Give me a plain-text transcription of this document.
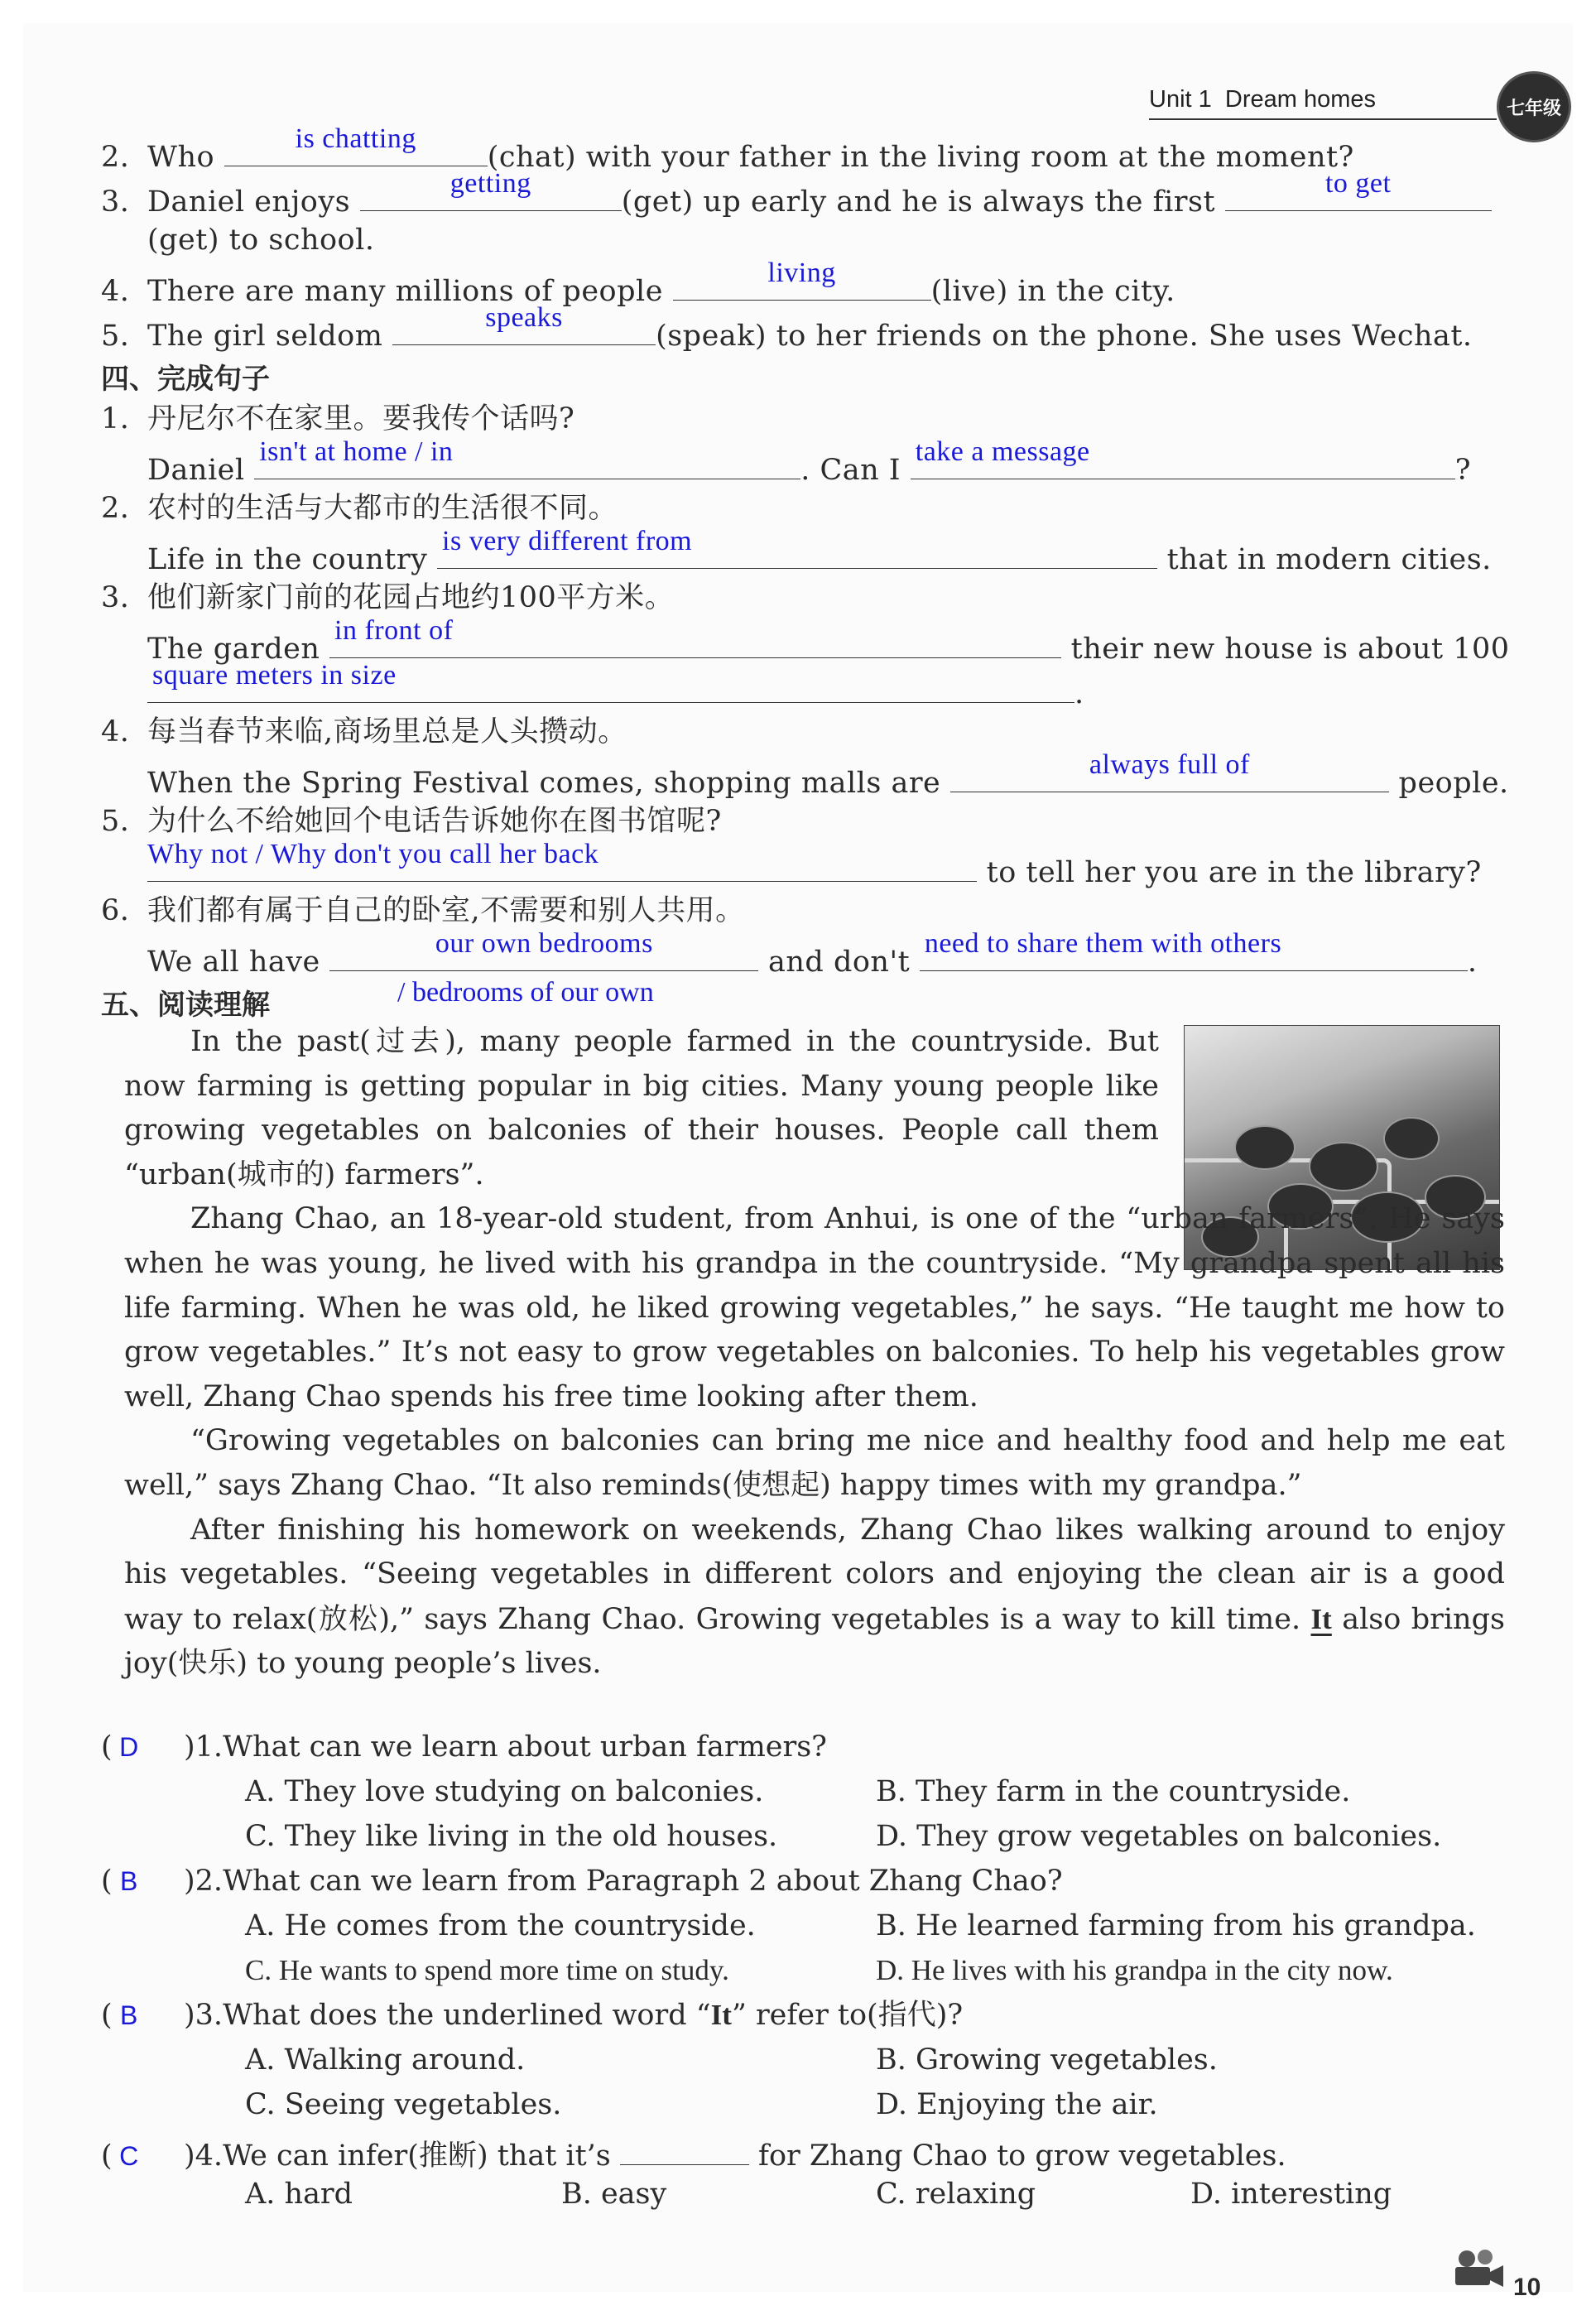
Unit 1 Dream homes	七年级
2. Who
is chatting
(chat) with your father in the living room at the moment?
3. Daniel enjoys
getting
(get) up early and he is always the first
to get
(get) to school.
4. There are many millions of people
living
(live) in the city.
5. The girl seldom
speaks
(speak) to her friends on the phone. She uses Wechat.
四、完成句子
1. 丹尼尔不在家里。要我传个话吗?
Daniel
isn't at home / in
. Can I
take a message
?
2. 农村的生活与大都市的生活很不同。
Life in the country
is very different from
that in modern cities.
3. 他们新家门前的花园占地约100平方米。
The garden
in front of
their new house is about 100
square meters in size
.
4. 每当春节来临,商场里总是人头攒动。
When the Spring Festival comes, shopping malls are
always full of
people.
5. 为什么不给她回个电话告诉她你在图书馆呢?
Why not / Why don't you call her back
to tell her you are in the library?
6. 我们都有属于自己的卧室,不需要和别人共用。
We all have
our own bedrooms
and don't
need to share them with others
.
五、阅读理解	/ bedrooms of our own

In the past(过去), many people farmed in the countryside. But now farming is getting popular in big cities. Many young people like growing vegetables on balconies of their houses. People call them “urban(城市的) farmers”.

Zhang Chao, an 18-year-old student, from Anhui, is one of the “urban farmers”. He says when he was young, he lived with his grandpa in the countryside. “My grandpa spent all his life farming. When he was old, he liked growing vegetables,” he says. “He taught me how to grow vegetables.” It’s not easy to grow vegetables on balconies. To help his vegetables grow well, Zhang Chao spends his free time looking after them.

“Growing vegetables on balconies can bring me nice and healthy food and help me eat well,” says Zhang Chao. “It also reminds(使想起) happy times with my grandpa.”

After finishing his homework on weekends, Zhang Chao likes walking around to enjoy his vegetables. “Seeing vegetables in different colors and enjoying the clean air is a good way to relax(放松),” says Zhang Chao. Growing vegetables is a way to kill time. It also brings joy(快乐) to young people’s lives.

( D )1.What can we learn about urban farmers?
A. They love studying on balconies.	B. They farm in the countryside.
C. They like living in the old houses.	D. They grow vegetables on balconies.
( B )2.What can we learn from Paragraph 2 about Zhang Chao?
A. He comes from the countryside.	B. He learned farming from his grandpa.
C. He wants to spend more time on study.	D. He lives with his grandpa in the city now.
( B )3.What does the underlined word “It” refer to(指代)?
A. Walking around.	B. Growing vegetables.
C. Seeing vegetables.	D. Enjoying the air.
( C )4.We can infer(推断) that it’s	for Zhang Chao to grow vegetables.
A. hard	B. easy	C. relaxing	D. interesting
10
